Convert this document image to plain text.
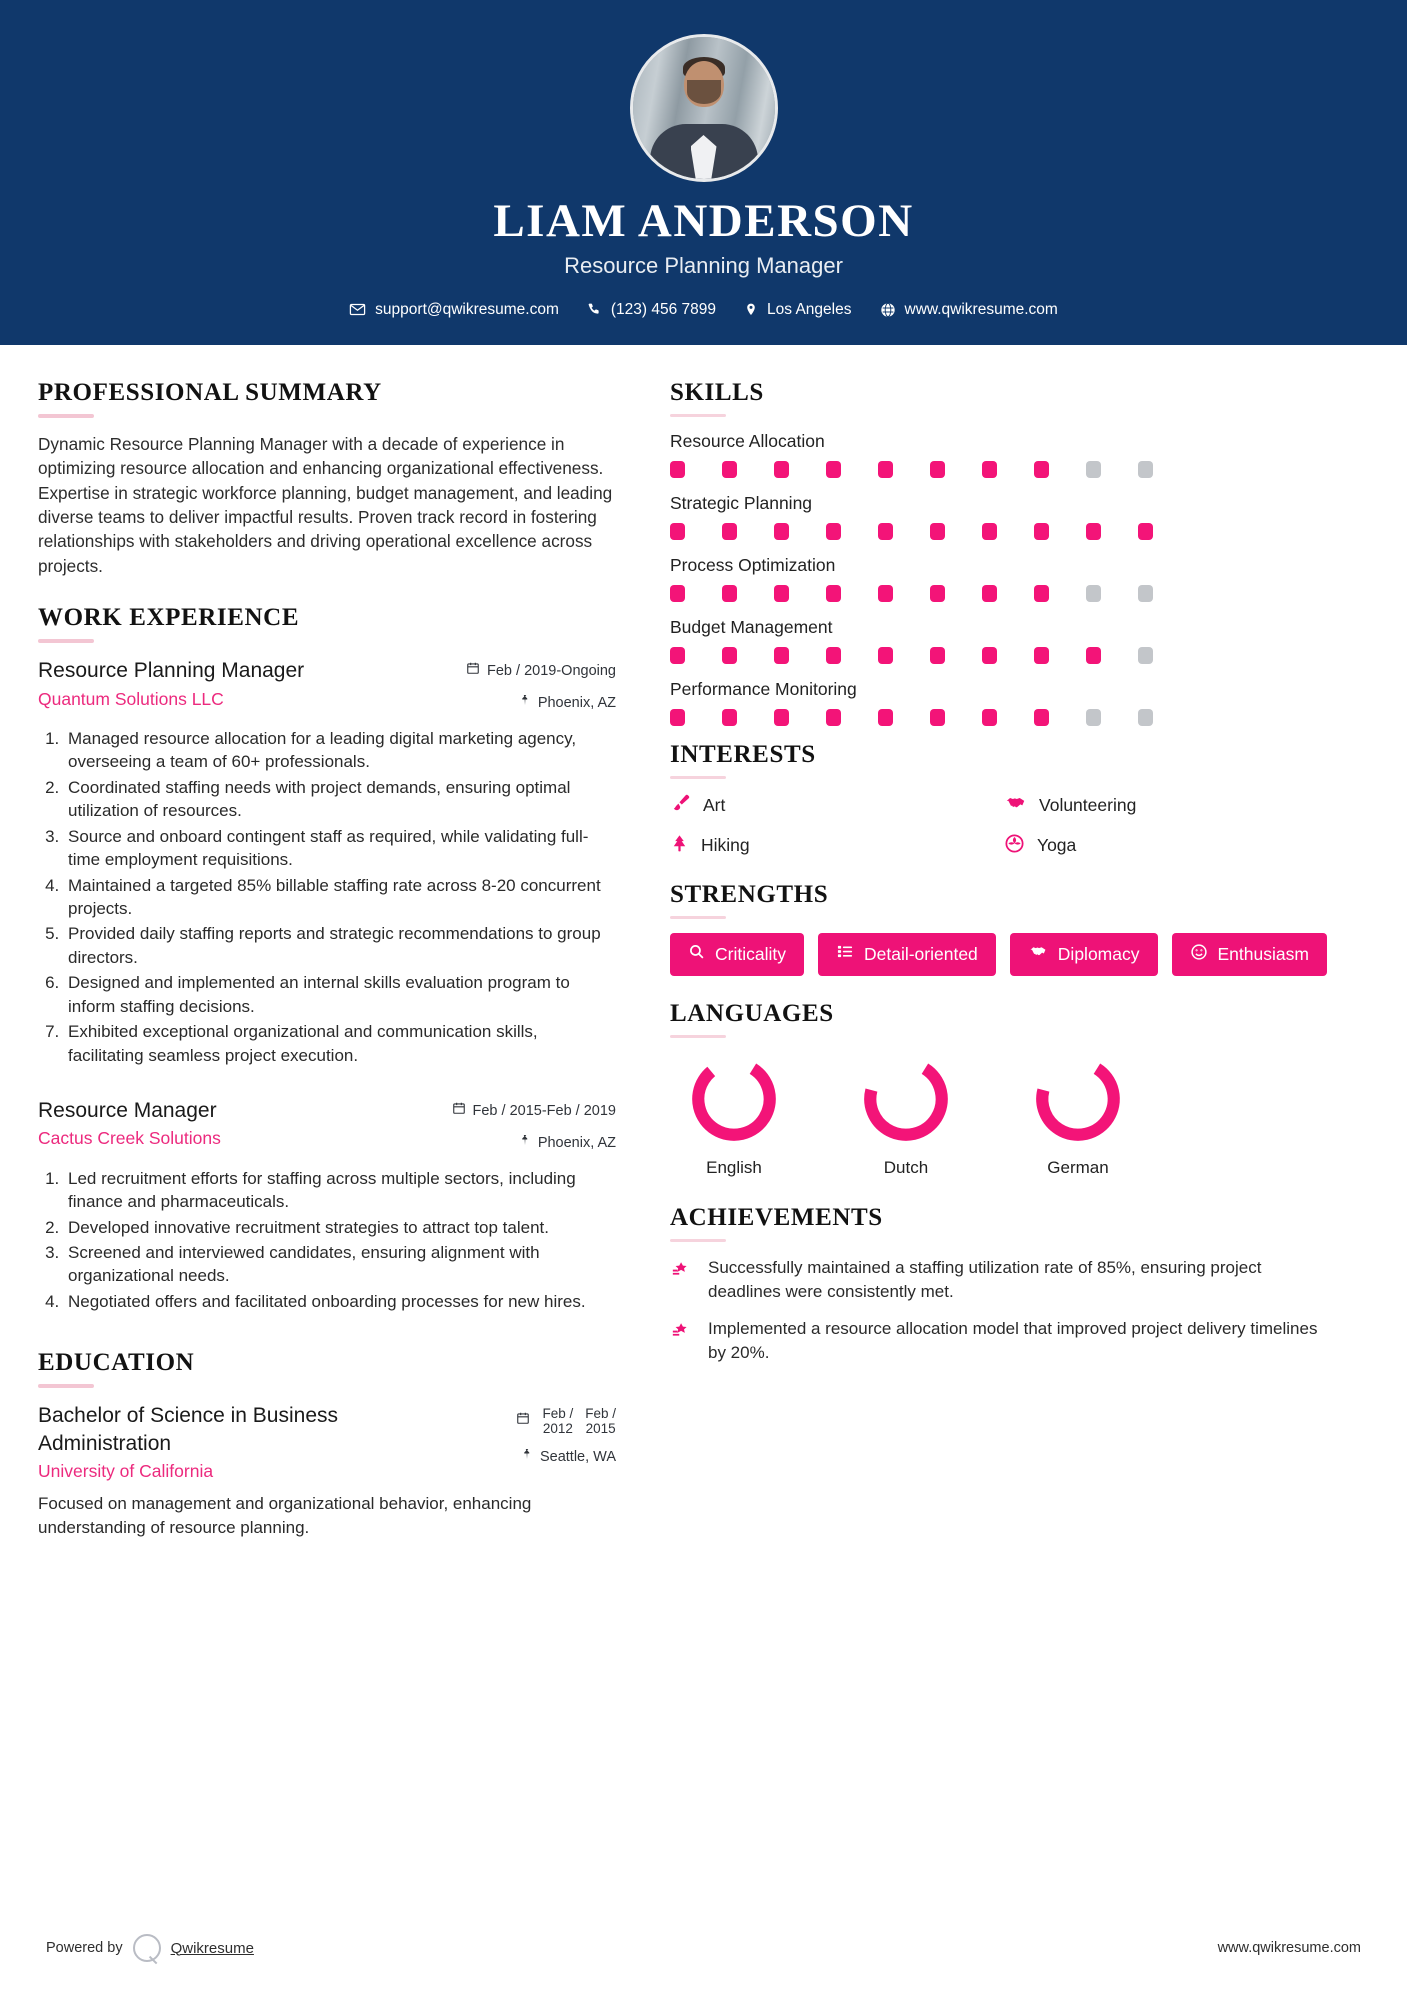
LIAM ANDERSON
Resource Planning Manager
support@qwikresume.com	(123) 456 7899	Los Angeles	www.qwikresume.com
PROFESSIONAL SUMMARY

Dynamic Resource Planning Manager with a decade of experience in optimizing resource allocation and enhancing organizational effectiveness. Expertise in strategic workforce planning, budget management, and leading diverse teams to deliver impactful results. Proven track record in fostering relationships with stakeholders and driving operational excellence across projects.

WORK EXPERIENCE
Resource Planning Manager
Quantum Solutions LLC
Feb / 2019-Ongoing
Phoenix, AZ
1. Managed resource allocation for a leading digital marketing agency, overseeing a team of 60+ professionals.
2. Coordinated staffing needs with project demands, ensuring optimal utilization of resources.
3. Source and onboard contingent staff as required, while validating full-time employment requisitions.
4. Maintained a targeted 85% billable staffing rate across 8-20 concurrent projects.
5. Provided daily staffing reports and strategic recommendations to group directors.
6. Designed and implemented an internal skills evaluation program to inform staffing decisions.
7. Exhibited exceptional organizational and communication skills, facilitating seamless project execution.
Resource Manager
Cactus Creek Solutions
Feb / 2015-Feb / 2019
Phoenix, AZ
1. Led recruitment efforts for staffing across multiple sectors, including finance and pharmaceuticals.
2. Developed innovative recruitment strategies to attract top talent.
3. Screened and interviewed candidates, ensuring alignment with organizational needs.
4. Negotiated offers and facilitated onboarding processes for new hires.
EDUCATION
Bachelor of Science in Business Administration
University of California
Feb /
2012
Feb /
2015
Seattle, WA

Focused on management and organizational behavior, enhancing understanding of resource planning.

SKILLS
Resource Allocation
Strategic Planning
Process Optimization
Budget Management
Performance Monitoring
INTERESTS
Art	Volunteering
Hiking	Yoga
STRENGTHS
Criticality	Detail-oriented	Diplomacy	Enthusiasm
LANGUAGES
English	Dutch	German
ACHIEVEMENTS
Successfully maintained a staffing utilization rate of 85%, ensuring project deadlines were consistently met.
Implemented a resource allocation model that improved project delivery timelines by 20%.
Powered by	Qwikresume	www.qwikresume.com
